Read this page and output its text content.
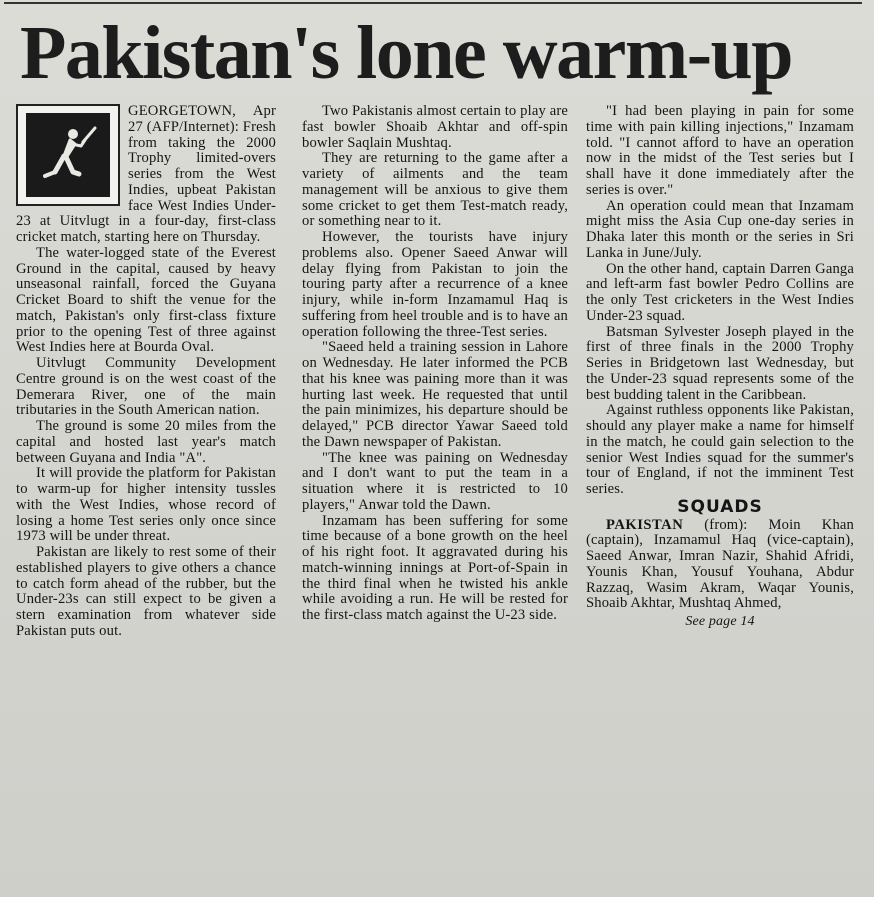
Pakistan's lone warm-up

GEORGETOWN, Apr 27 (AFP/Internet): Fresh from taking the 2000 Trophy limited-overs series from the West Indies, upbeat Pakistan face West Indies Under-23 at Uitvlugt in a four-day, first-class cricket match, starting here on Thursday.

The water-logged state of the Everest Ground in the capital, caused by heavy unseasonal rainfall, forced the Guyana Cricket Board to shift the venue for the match, Pakistan's only first-class fixture prior to the opening Test of three against West Indies here at Bourda Oval.

Uitvlugt Community Development Centre ground is on the west coast of the Demerara River, one of the main tributaries in the South American nation.

The ground is some 20 miles from the capital and hosted last year's match between Guyana and India "A".

It will provide the platform for Pakistan to warm-up for higher intensity tussles with the West Indies, whose record of losing a home Test series only once since 1973 will be under threat.

Pakistan are likely to rest some of their established players to give others a chance to catch form ahead of the rubber, but the Under-23s can still expect to be given a stern examination from whatever side Pakistan puts out.

Two Pakistanis almost certain to play are fast bowler Shoaib Akhtar and off-spin bowler Saqlain Mushtaq.

They are returning to the game after a variety of ailments and the team management will be anxious to give them some cricket to get them Test-match ready, or something near to it.

However, the tourists have injury problems also. Opener Saeed Anwar will delay flying from Pakistan to join the touring party after a recurrence of a knee injury, while in-form Inzamamul Haq is suffering from heel trouble and is to have an operation following the three-Test series.

"Saeed held a training session in Lahore on Wednesday. He later informed the PCB that his knee was paining more than it was hurting last week. He requested that until the pain minimizes, his departure should be delayed," PCB director Yawar Saeed told the Dawn newspaper of Pakistan.

"The knee was paining on Wednesday and I don't want to put the team in a situation where it is restricted to 10 players," Anwar told the Dawn.

Inzamam has been suffering for some time because of a bone growth on the heel of his right foot. It aggravated during his match-winning innings at Port-of-Spain in the third final when he twisted his ankle while avoiding a run. He will be rested for the first-class match against the U-23 side.

"I had been playing in pain for some time with pain killing injections," Inzamam told. "I cannot afford to have an operation now in the midst of the Test series but I shall have it done immediately after the series is over."

An operation could mean that Inzamam might miss the Asia Cup one-day series in Dhaka later this month or the series in Sri Lanka in June/July.

On the other hand, captain Darren Ganga and left-arm fast bowler Pedro Collins are the only Test cricketers in the West Indies Under-23 squad.

Batsman Sylvester Joseph played in the first of three finals in the 2000 Trophy Series in Bridgetown last Wednesday, but the Under-23 squad represents some of the best budding talent in the Caribbean.

Against ruthless opponents like Pakistan, should any player make a name for himself in the match, he could gain selection to the senior West Indies squad for the summer's tour of England, if not the imminent Test series.

SQUADS

PAKISTAN (from): Moin Khan (captain), Inzamamul Haq (vice-captain), Saeed Anwar, Imran Nazir, Shahid Afridi, Younis Khan, Yousuf Youhana, Abdur Razzaq, Wasim Akram, Waqar Younis, Shoaib Akhtar, Mushtaq Ahmed,

See page 14
